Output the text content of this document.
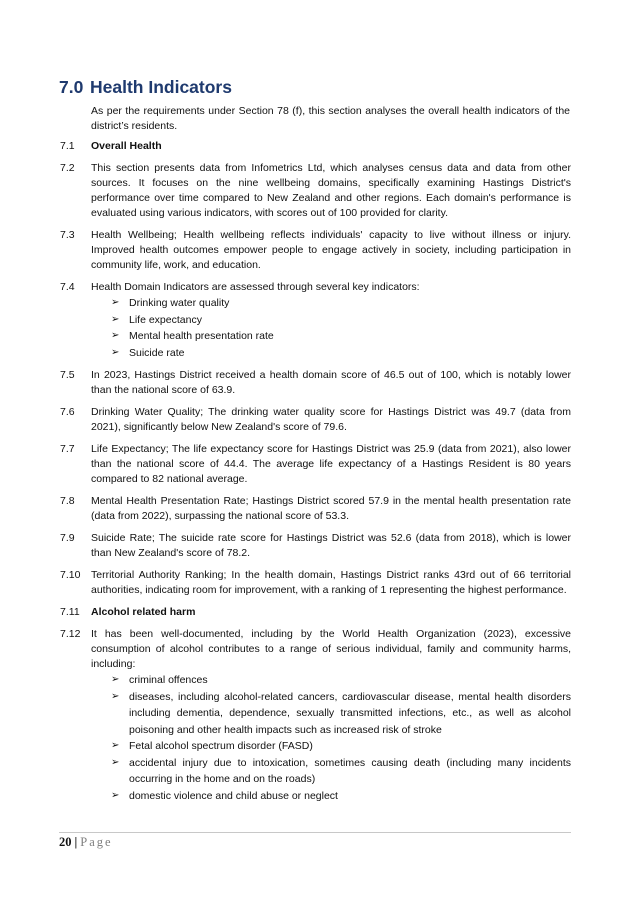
7.0 Health Indicators

As per the requirements under Section 78 (f), this section analyses the overall health indicators of the district’s residents.

7.1	Overall Health

7.2	This section presents data from Infometrics Ltd, which analyses census data and data from other sources. It focuses on the nine wellbeing domains, specifically examining Hastings District's performance over time compared to New Zealand and other regions. Each domain's performance is evaluated using various indicators, with scores out of 100 provided for clarity.

7.3	Health Wellbeing; Health wellbeing reflects individuals' capacity to live without illness or injury. Improved health outcomes empower people to engage actively in society, including participation in community life, work, and education.

7.4	Health Domain Indicators are assessed through several key indicators:

➢ Drinking water quality
➢ Life expectancy
➢ Mental health presentation rate
➢ Suicide rate
7.5	In 2023, Hastings District received a health domain score of 46.5 out of 100, which is notably lower than the national score of 63.9.

7.6	Drinking Water Quality; The drinking water quality score for Hastings District was 49.7 (data from 2021), significantly below New Zealand's score of 79.6.

7.7	Life Expectancy; The life expectancy score for Hastings District was 25.9 (data from 2021), also lower than the national score of 44.4. The average life expectancy of a Hastings Resident is 80 years compared to 82 national average.

7.8	Mental Health Presentation Rate; Hastings District scored 57.9 in the mental health presentation rate (data from 2022), surpassing the national score of 53.3.

7.9	Suicide Rate; The suicide rate score for Hastings District was 52.6 (data from 2018), which is lower than New Zealand's score of 78.2.

7.10	Territorial Authority Ranking; In the health domain, Hastings District ranks 43rd out of 66 territorial authorities, indicating room for improvement, with a ranking of 1 representing the highest performance.

7.11	Alcohol related harm

7.12	It has been well-documented, including by the World Health Organization (2023), excessive consumption of alcohol contributes to a range of serious individual, family and community harms, including:

➢ criminal offences
➢ diseases, including alcohol-related cancers, cardiovascular disease, mental health disorders including dementia, dependence, sexually transmitted infections, etc., as well as alcohol poisoning and other health impacts such as increased risk of stroke
➢ Fetal alcohol spectrum disorder (FASD)
➢ accidental injury due to intoxication, sometimes causing death (including many incidents occurring in the home and on the roads)
➢ domestic violence and child abuse or neglect
20 | Page
